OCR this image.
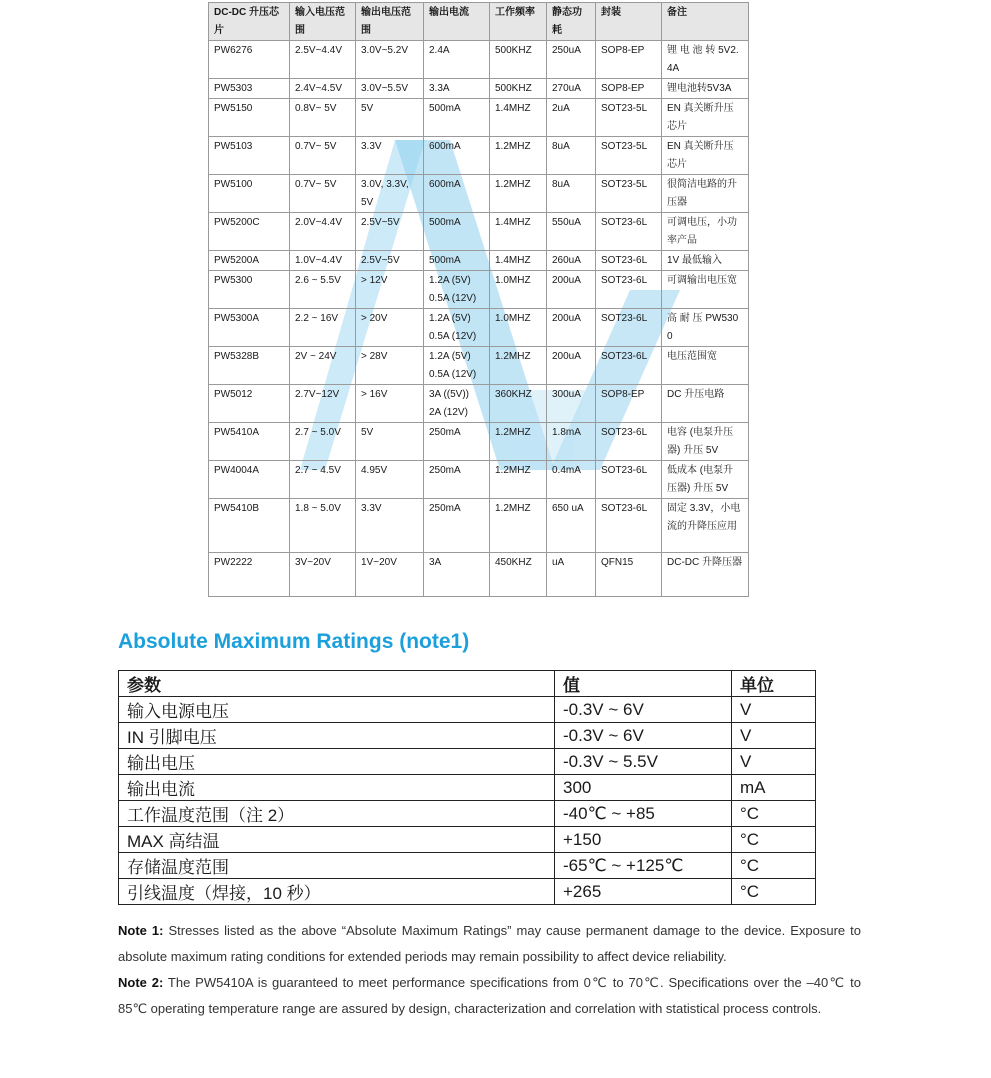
DC-DC 升压芯片	输入电压范围	输出电压范围	输出电流	工作频率	静态功耗	封装	备注
PW6276	2.5V~4.4V	3.0V~5.2V	2.4A	500KHZ	250uA	SOP8-EP	锂 电 池 转 5V2.4A
PW5303	2.4V~4.5V	3.0V~5.5V	3.3A	500KHZ	270uA	SOP8-EP	锂电池转5V3A
PW5150	0.8V~ 5V	5V	500mA	1.4MHZ	2uA	SOT23-5L	EN 真关断升压芯片
PW5103	0.7V~ 5V	3.3V	600mA	1.2MHZ	8uA	SOT23-5L	EN 真关断升压芯片
PW5100	0.7V~ 5V	3.0V, 3.3V, 5V	600mA	1.2MHZ	8uA	SOT23-5L	很简洁电路的升压器
PW5200C	2.0V~4.4V	2.5V~5V	500mA	1.4MHZ	550uA	SOT23-6L	可调电压，小功率产品
PW5200A	1.0V~4.4V	2.5V~5V	500mA	1.4MHZ	260uA	SOT23-6L	1V 最低输入
PW5300	2.6 ~ 5.5V	> 12V	1.2A (5V) 0.5A (12V)	1.0MHZ	200uA	SOT23-6L	可调输出电压宽
PW5300A	2.2 ~ 16V	> 20V	1.2A (5V) 0.5A (12V)	1.0MHZ	200uA	SOT23-6L	高 耐 压 PW5300
PW5328B	2V ~ 24V	> 28V	1.2A (5V) 0.5A (12V)	1.2MHZ	200uA	SOT23-6L	电压范围宽
PW5012	2.7V~12V	> 16V	3A ((5V)) 2A (12V)	360KHZ	300uA	SOP8-EP	DC 升压电路
PW5410A	2.7 ~ 5.0V	5V	250mA	1.2MHZ	1.8mA	SOT23-6L	电容 (电泵升压器) 升压 5V
PW4004A	2.7 ~ 4.5V	4.95V	250mA	1.2MHZ	0.4mA	SOT23-6L	低成本 (电泵升压器) 升压 5V
PW5410B	1.8 ~ 5.0V	3.3V	250mA	1.2MHZ	650 uA	SOT23-6L	固定 3.3V，小电流的升降压应用
PW2222	3V~20V	1V~20V	3A	450KHZ	uA	QFN15	DC-DC 升降压器
Absolute Maximum Ratings (note1)
参数	值	单位
输入电源电压	-0.3V ~ 6V	V
IN 引脚电压	-0.3V ~ 6V	V
输出电压	-0.3V ~ 5.5V	V
输出电流	300	mA
工作温度范围（注 2）	-40℃ ~ +85	°C
MAX 高结温	+150	°C
存储温度范围	-65℃ ~ +125℃	°C
引线温度（焊接，10 秒）	+265	°C

Note 1: Stresses listed as the above “Absolute Maximum Ratings” may cause permanent damage to the device. Exposure to absolute maximum rating conditions for extended periods may remain possibility to affect device reliability.

Note 2: The PW5410A is guaranteed to meet performance specifications from 0℃ to 70℃. Specifications over the –40℃ to 85℃ operating temperature range are assured by design, characterization and correlation with statistical process controls.
